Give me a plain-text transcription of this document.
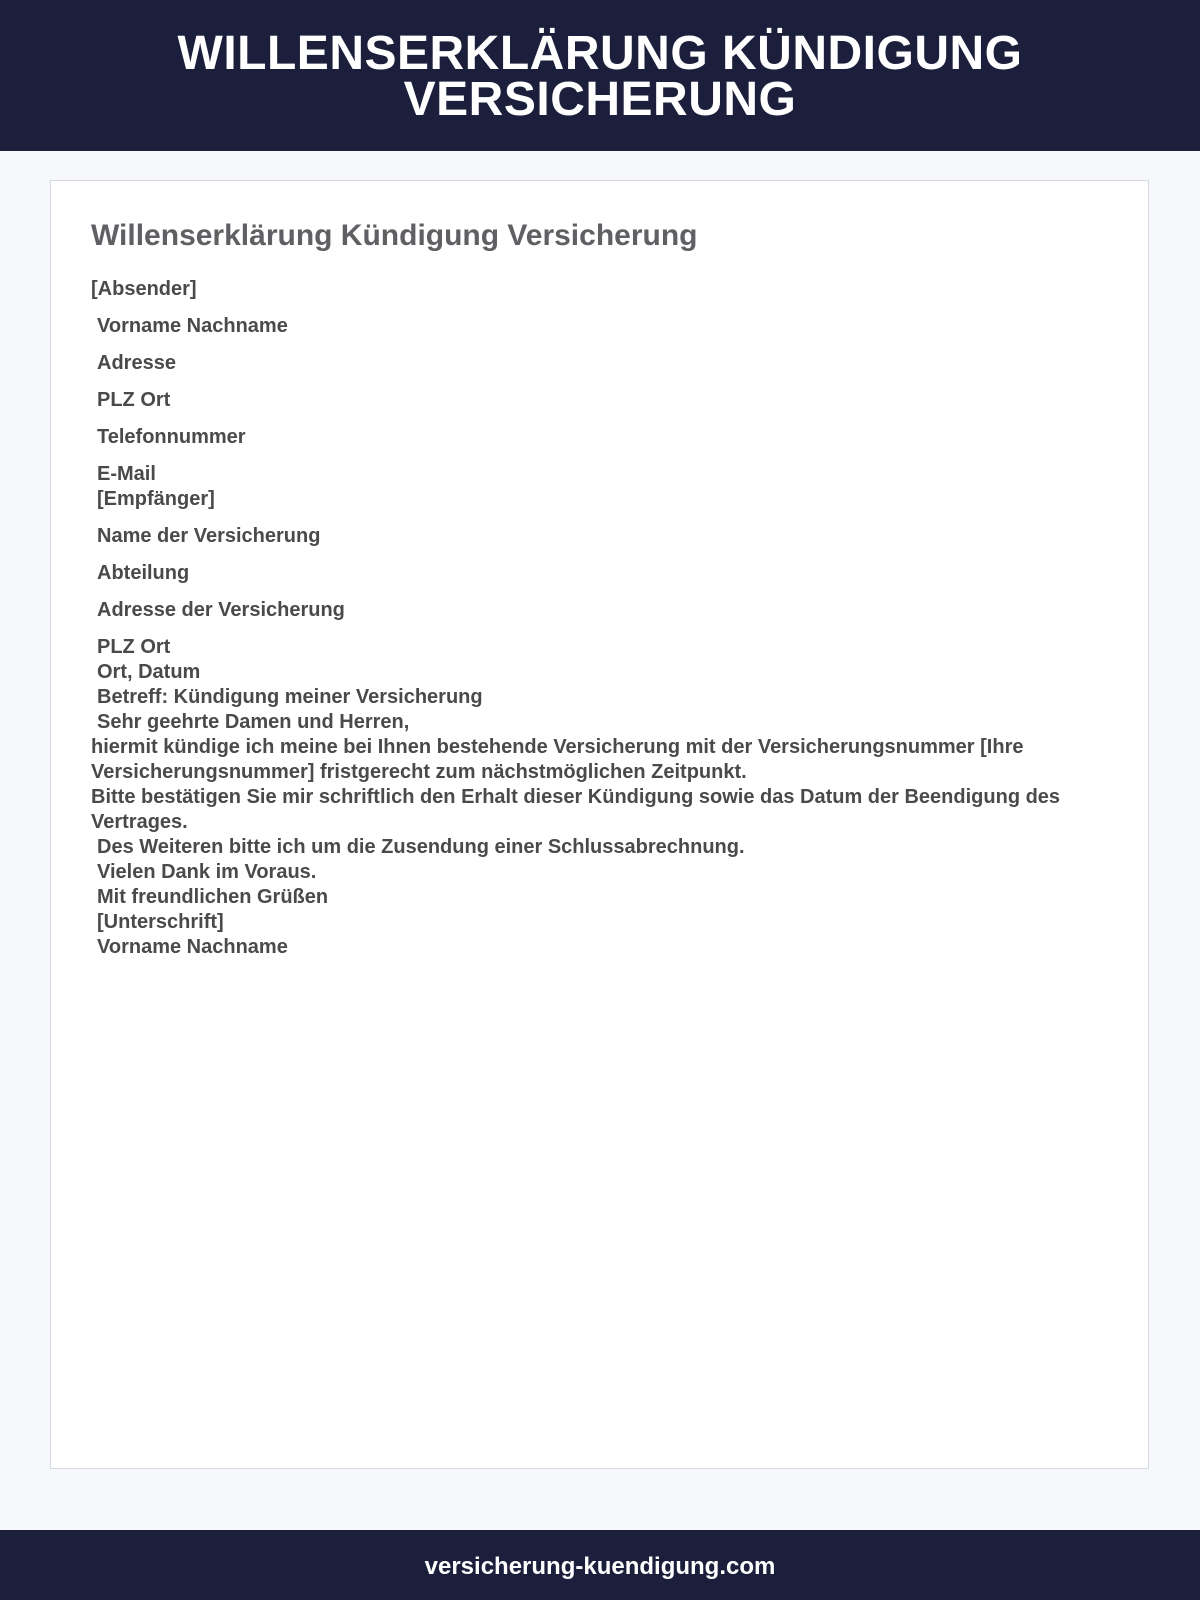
WILLENSERKLÄRUNG KÜNDIGUNG
VERSICHERUNG
Willenserklärung Kündigung Versicherung
[Absender]
Vorname Nachname
Adresse
PLZ Ort
Telefonnummer
E-Mail
[Empfänger]
Name der Versicherung
Abteilung
Adresse der Versicherung
PLZ Ort
Ort, Datum
Betreff: Kündigung meiner Versicherung
Sehr geehrte Damen und Herren,
hiermit kündige ich meine bei Ihnen bestehende Versicherung mit der Versicherungsnummer [Ihre Versicherungsnummer] fristgerecht zum nächstmöglichen Zeitpunkt.
Bitte bestätigen Sie mir schriftlich den Erhalt dieser Kündigung sowie das Datum der Beendigung des Vertrages.
Des Weiteren bitte ich um die Zusendung einer Schlussabrechnung.
Vielen Dank im Voraus.
Mit freundlichen Grüßen
[Unterschrift]
Vorname Nachname
versicherung-kuendigung.com
